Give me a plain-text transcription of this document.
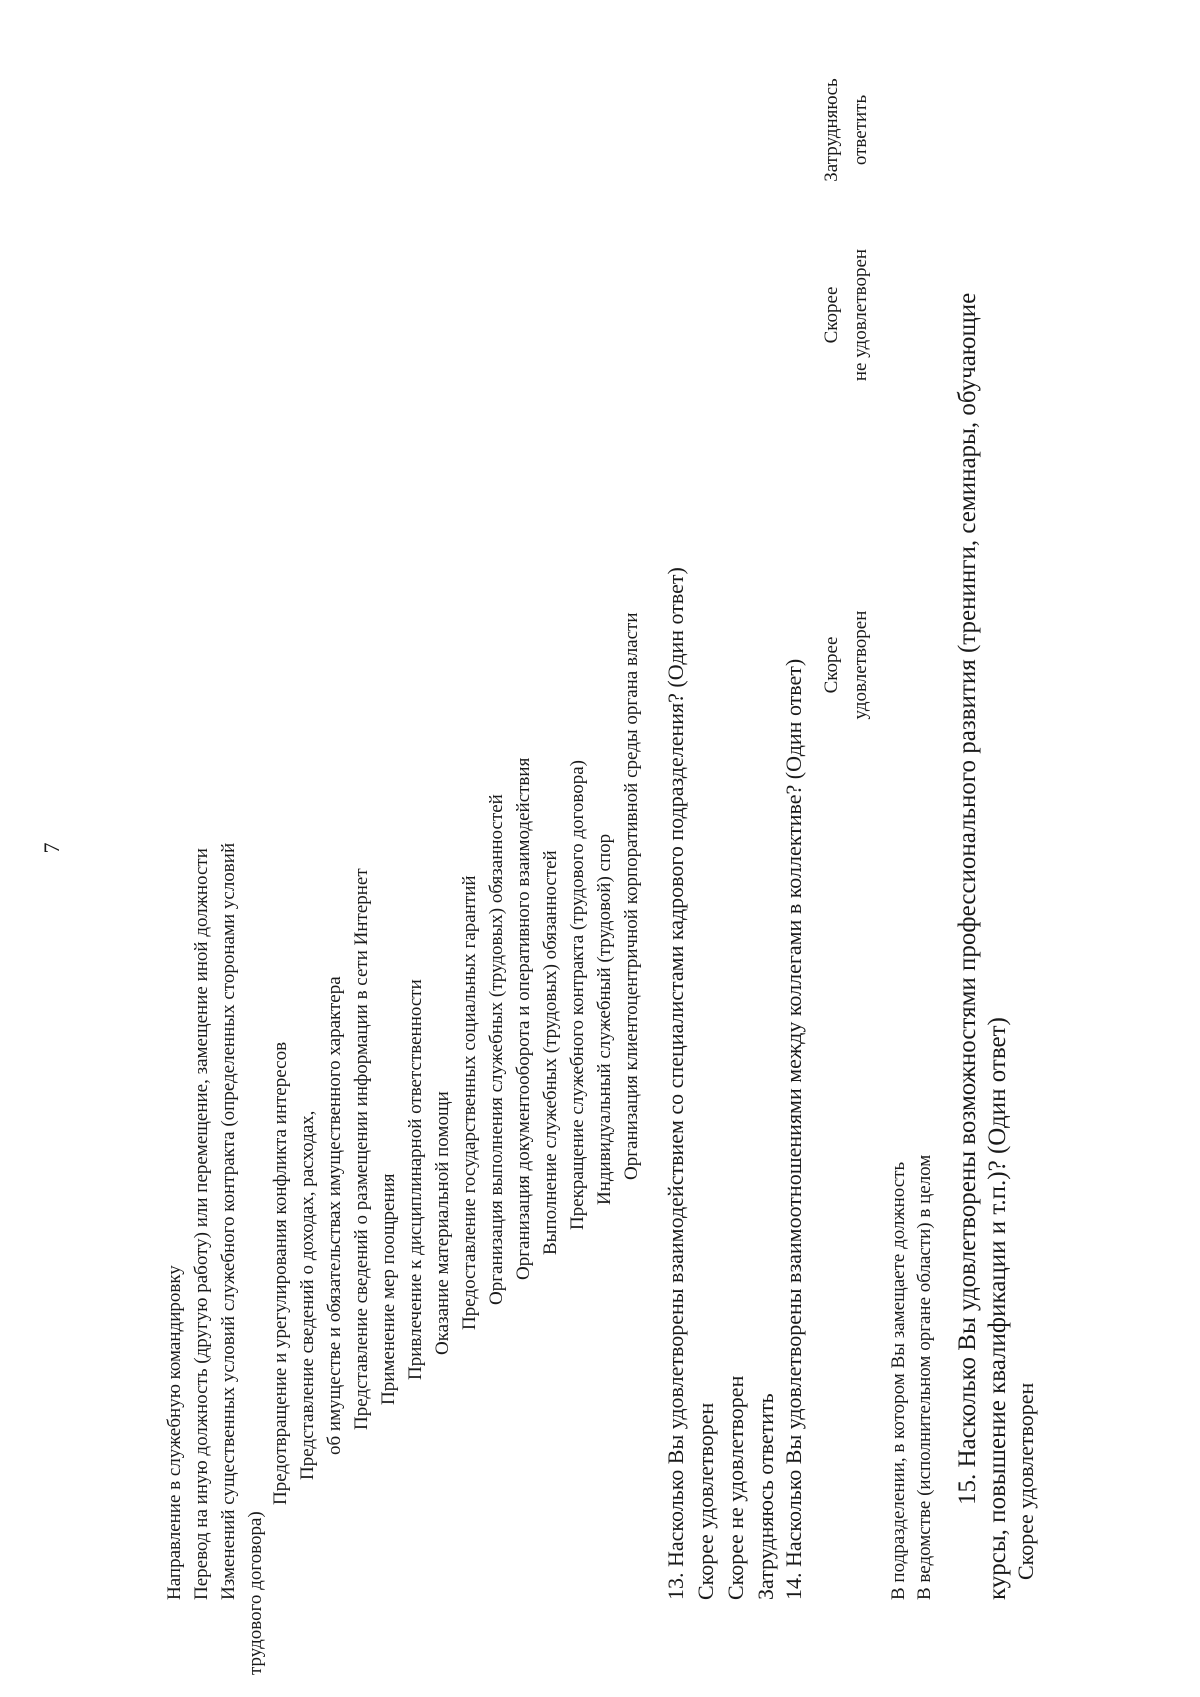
7
Направление в служебную командировку Перевод на иную должность (другую работу) или перемещение, замещение иной должности Изменений существенных условий служебного контракта (определенных сторонами условий трудового договора)
Предотвращение и урегулирования конфликта интересов Представление сведений о доходах, расходах, об имуществе и обязательствах имущественного характера Представление сведений о размещении информации в сети Интернет Применение мер поощрения Привлечение к дисциплинарной ответственности Оказание материальной помощи Предоставление государственных социальных гарантий Организация выполнения служебных (трудовых) обязанностей Организация документооборота и оперативного взаимодействия Выполнение служебных (трудовых) обязанностей Прекращение служебного контракта (трудового договора) Индивидуальный служебный (трудовой) спор Организация клиентоцентричной корпоративной среды органа власти 13. Насколько Вы удовлетворены взаимодействием со специалистами кадрового подразделения? (Один ответ) Скорее удовлетворен Скорее не удовлетворен Затрудняюсь ответить 14. Насколько Вы удовлетворены взаимоотношениями между коллегами в коллективе? (Один ответ) Скорее удовлетворен
Скорее не удовлетворен
Затрудняюсь ответить
В подразделении, в котором Вы замещаете должность В ведомстве (исполнительном органе области) в целом 15. Насколько Вы удовлетворены возможностями профессионального развития (тренинги, семинары, обучающие курсы, повышение квалификации и т.п.)? (Один ответ) Скорее удовлетворен
